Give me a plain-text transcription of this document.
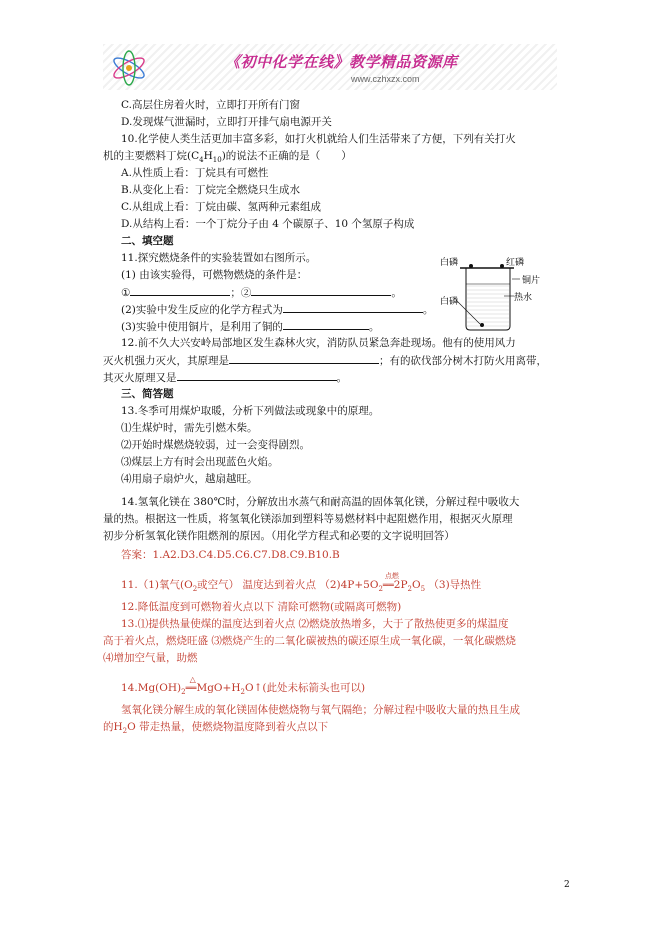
《初中化学在线》教学精品资源库
www.czhxzx.com
C.高层住房着火时，立即打开所有门窗
D.发现煤气泄漏时，立即打开排气扇电源开关
10.化学使人类生活更加丰富多彩，如打火机就给人们生活带来了方便，下列有关打火
机的主要燃料丁烷$(C_4H_{10})$的说法不正确的是（　　）
A.从性质上看：丁烷具有可燃性
B.从变化上看：丁烷完全燃烧只生成水
C.从组成上看：丁烷由碳、氢两种元素组成
D.从结构上看：一个丁烷分子由 4 个碳原子、10 个氢原子构成
二、填空题
11.探究燃烧条件的实验装置如右图所示。
(1) 由该实验得，可燃物燃烧的条件是：
①	；②	。
(2)实验中发生反应的化学方程式为	。
(3)实验中使用铜片，是利用了铜的	。
白磷	红磷
铜片
白磷	热水
12.前不久大兴安岭局部地区发生森林火灾，消防队员紧急奔赴现场。他有的使用风力
灭火机强力灭火，其原理是	；有的砍伐部分树木打防火用离带，
其灭火原理又是	。
三、简答题
13.冬季可用煤炉取暖，分析下列做法或现象中的原理。
⑴生煤炉时，需先引燃木柴。
⑵开始时煤燃烧较弱，过一会变得剧烈。
⑶煤层上方有时会出现蓝色火焰。
⑷用扇子扇炉火，越扇越旺。
14.氢氧化镁在 380℃时，分解放出水蒸气和耐高温的固体氧化镁，分解过程中吸收大
量的热。根据这一性质，将氢氧化镁添加到塑料等易燃材料中起阻燃作用，根据灭火原理
初步分析氢氧化镁作阻燃剂的原因。（用化学方程式和必要的文字说明回答）
答案：1.A2.D3.C4.D5.C6.C7.D8.C9.B10.B
11.（1)氧气($O_2$或空气） 温度达到着火点 $(2)4P+5O_2$
点燃
$══2P_2O_5$ （3)导热性
12.降低温度到可燃物着火点以下 清除可燃物(或隔离可燃物)
13.⑴提供热量使煤的温度达到着火点 ⑵燃烧放热增多，大于了散热使更多的煤温度
高于着火点，燃烧旺盛 ⑶燃烧产生的二氧化碳被热的碳还原生成一氧化碳，一氧化碳燃烧
⑷增加空气量，助燃
$14.Mg(OH)_2$
△
$══MgO+H_2O↑$(此处未标箭头也可以)
氢氧化镁分解生成的氧化镁固体使燃烧物与氧气隔绝；分解过程中吸收大量的热且生成
的$H_2O$ 带走热量，使燃烧物温度降到着火点以下
2
